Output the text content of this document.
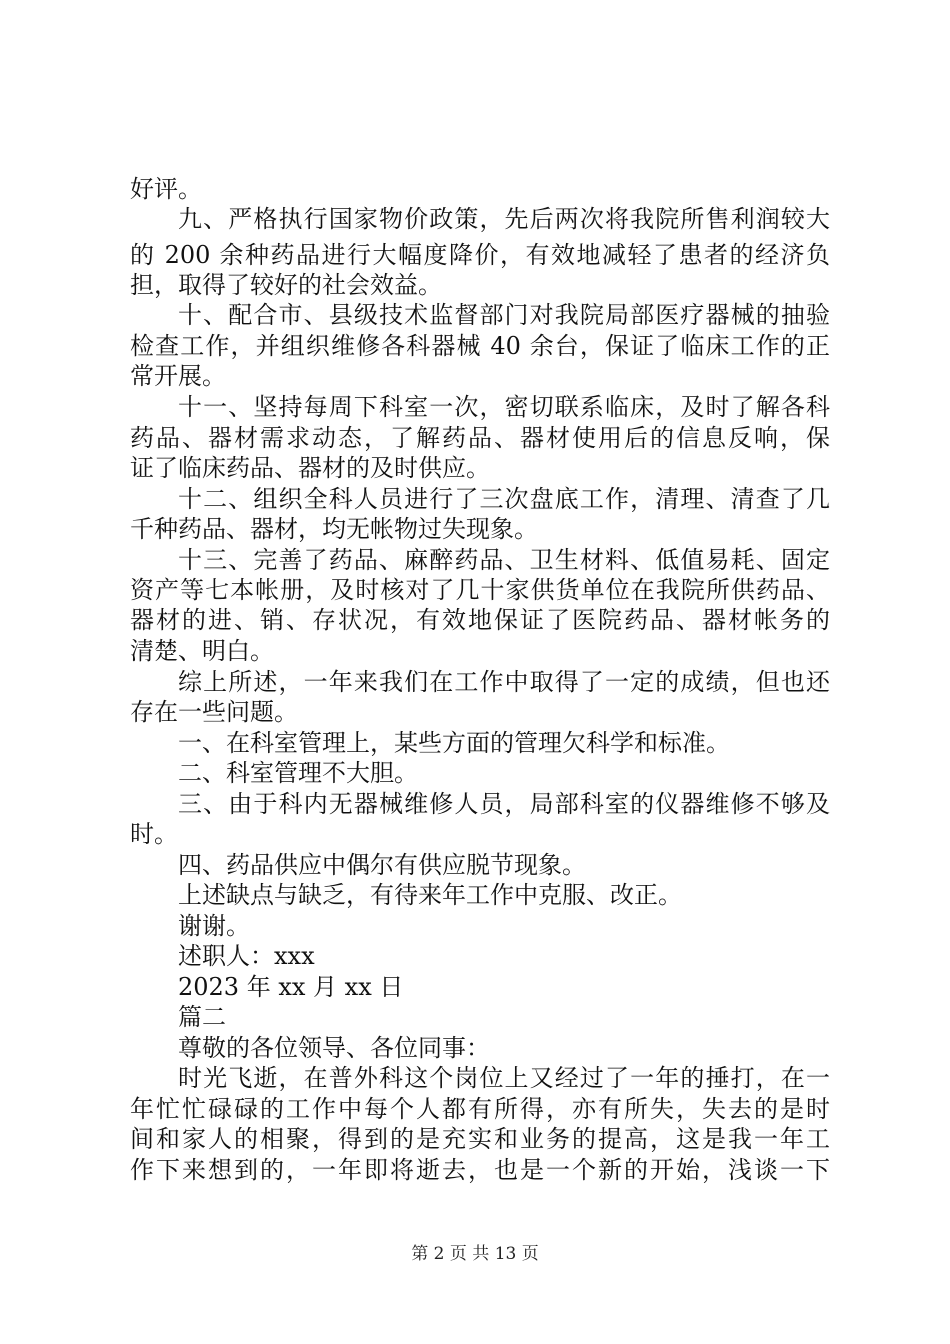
好评。
九、严格执行国家物价政策，先后两次将我院所售利润较大
的 200 余种药品进行大幅度降价，有效地减轻了患者的经济负
担，取得了较好的社会效益。
十、配合市、县级技术监督部门对我院局部医疗器械的抽验
检查工作，并组织维修各科器械 40 余台，保证了临床工作的正
常开展。
十一、坚持每周下科室一次，密切联系临床，及时了解各科
药品、器材需求动态，了解药品、器材使用后的信息反响，保
证了临床药品、器材的及时供应。
十二、组织全科人员进行了三次盘底工作，清理、清查了几
千种药品、器材，均无帐物过失现象。
十三、完善了药品、麻醉药品、卫生材料、低值易耗、固定
资产等七本帐册，及时核对了几十家供货单位在我院所供药品、
器材的进、销、存状况，有效地保证了医院药品、器材帐务的
清楚、明白。
综上所述，一年来我们在工作中取得了一定的成绩，但也还
存在一些问题。
一、在科室管理上，某些方面的管理欠科学和标准。
二、科室管理不大胆。
三、由于科内无器械维修人员，局部科室的仪器维修不够及
时。
四、药品供应中偶尔有供应脱节现象。
上述缺点与缺乏，有待来年工作中克服、改正。
谢谢。
述职人：xxx
2023 年 xx 月 xx 日
篇二
尊敬的各位领导、各位同事：
时光飞逝，在普外科这个岗位上又经过了一年的捶打，在一
年忙忙碌碌的工作中每个人都有所得，亦有所失，失去的是时
间和家人的相聚，得到的是充实和业务的提高，这是我一年工
作下来想到的，一年即将逝去，也是一个新的开始，浅谈一下
第 2 页 共 13 页
